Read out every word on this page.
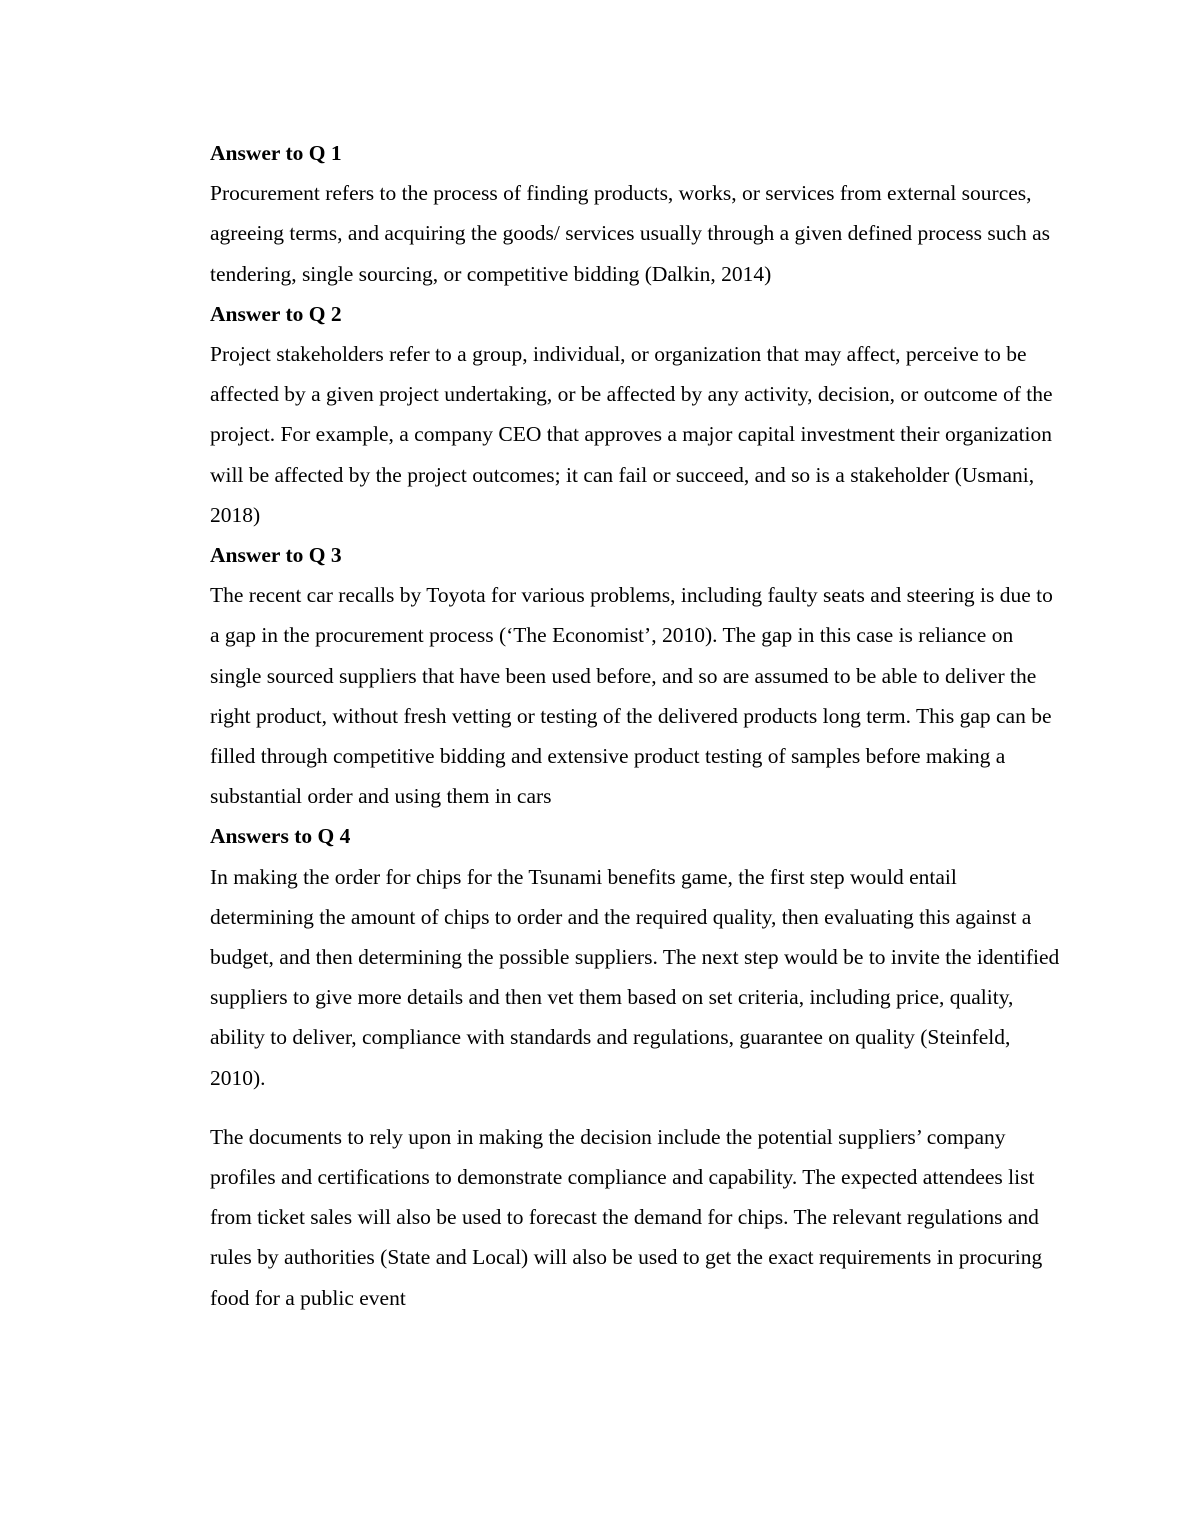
Answer to Q 1

Procurement refers to the process of finding products, works, or services from external sources, agreeing terms, and acquiring the goods/ services usually through a given defined process such as tendering, single sourcing, or competitive bidding (Dalkin, 2014)

Answer to Q 2

Project stakeholders refer to a group, individual, or organization that may affect, perceive to be affected by a given project undertaking, or be affected by any activity, decision, or outcome of the project. For example, a company CEO that approves a major capital investment their organization will be affected by the project outcomes; it can fail or succeed, and so is a stakeholder (Usmani, 2018)

Answer to Q 3

The recent car recalls by Toyota for various problems, including faulty seats and steering is due to a gap in the procurement process (‘The Economist’, 2010). The gap in this case is reliance on single sourced suppliers that have been used before, and so are assumed to be able to deliver the right product, without fresh vetting or testing of the delivered products long term. This gap can be filled through competitive bidding and extensive product testing of samples before making a substantial order and using them in cars

Answers to Q 4

In making the order for chips for the Tsunami benefits game, the first step would entail determining the amount of chips to order and the required quality, then evaluating this against a budget, and then determining the possible suppliers. The next step would be to invite the identified suppliers to give more details and then vet them based on set criteria, including price, quality, ability to deliver, compliance with standards and regulations, guarantee on quality (Steinfeld, 2010).

The documents to rely upon in making the decision include the potential suppliers’ company profiles and certifications to demonstrate compliance and capability. The expected attendees list from ticket sales will also be used to forecast the demand for chips. The relevant regulations and rules by authorities (State and Local) will also be used to get the exact requirements in procuring food for a public event
